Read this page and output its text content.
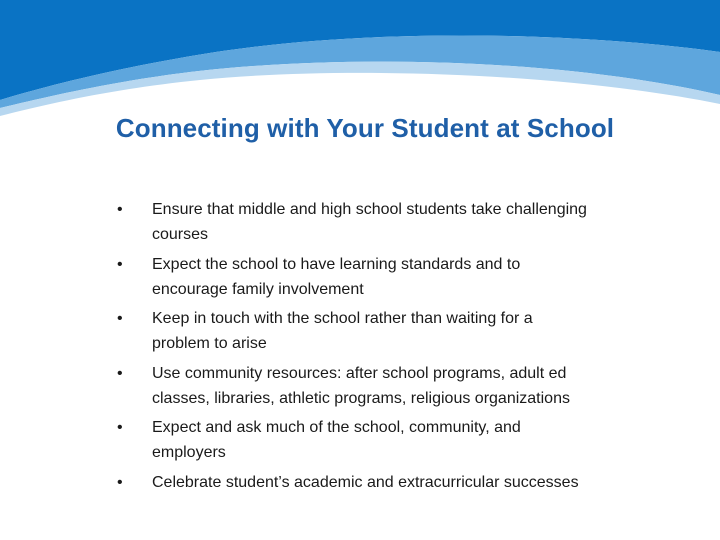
Connecting with Your Student at School
• Ensure that middle and high school students take challenging
courses
• Expect the school to have learning standards and to
encourage family involvement
• Keep in touch with the school rather than waiting for a
problem to arise
• Use community resources: after school programs, adult ed
classes, libraries, athletic programs, religious organizations
• Expect and ask much of the school, community, and
employers
• Celebrate student’s academic and extracurricular successes
